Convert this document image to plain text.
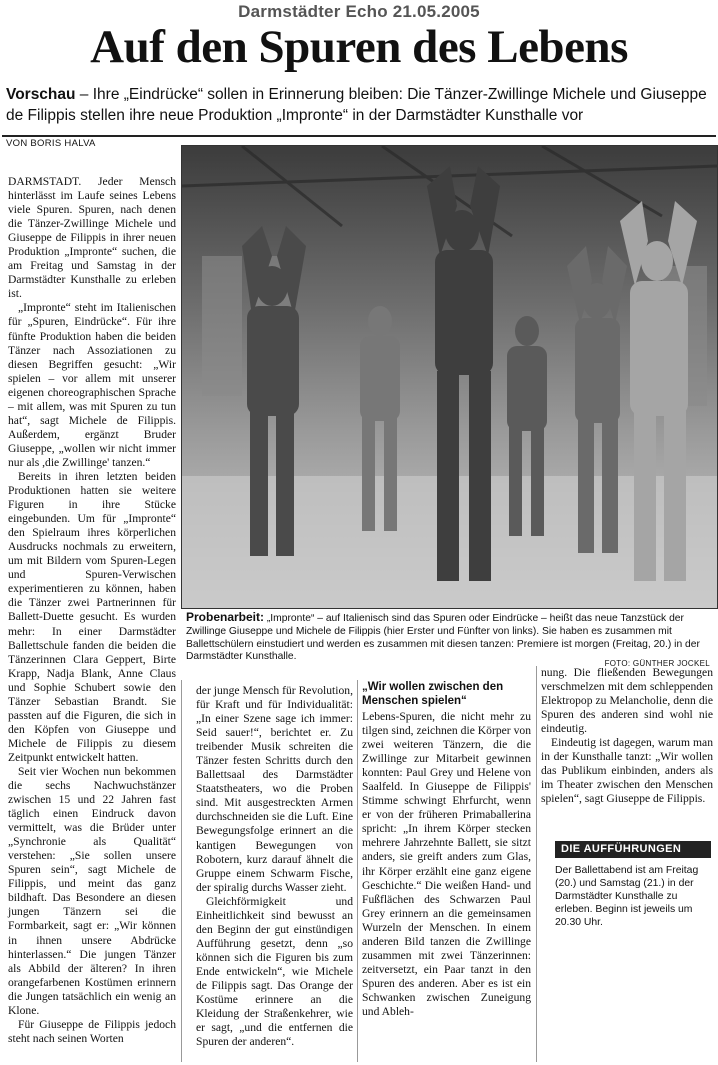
Darmstädter Echo 21.05.2005
Auf den Spuren des Lebens
Vorschau – Ihre „Eindrücke“ sollen in Erinnerung bleiben: Die Tänzer-Zwillinge Michele und Giuseppe de Filippis stellen ihre neue Produktion „Impronte“ in der Darmstädter Kunsthalle vor
VON BORIS HALVA

DARMSTADT. Jeder Mensch hinterlässt im Laufe seines Lebens viele Spuren. Spuren, nach denen die Tänzer-Zwillinge Michele und Giuseppe de Filippis in ihrer neuen Produktion „Impronte“ suchen, die am Freitag und Samstag in der Darmstädter Kunsthalle zu erleben ist.

„Impronte“ steht im Italienischen für „Spuren, Eindrücke“. Für ihre fünfte Produktion haben die beiden Tänzer nach Assoziationen zu diesen Begriffen gesucht: „Wir spielen – vor allem mit unserer eigenen choreographischen Sprache – mit allem, was mit Spuren zu tun hat“, sagt Michele de Filippis. Außerdem, ergänzt Bruder Giuseppe, „wollen wir nicht immer nur als ,die Zwillinge' tanzen.“

Bereits in ihren letzten beiden Produktionen hatten sie weitere Figuren in ihre Stücke eingebunden. Um für „Impronte“ den Spielraum ihres körperlichen Ausdrucks nochmals zu erweitern, um mit Bildern vom Spuren-Legen und Spuren-Verwischen experimentieren zu können, haben die Tänzer zwei Partnerinnen für Ballett-Duette gesucht. Es wurden mehr: In einer Darmstädter Ballettschule fanden die beiden die Tänzerinnen Clara Geppert, Birte Krapp, Nadja Blank, Anne Claus und Sophie Schubert sowie den Tänzer Sebastian Brandt. Sie passten auf die Figuren, die sich in den Köpfen von Giuseppe und Michele de Filippis zu diesem Zeitpunkt entwickelt hatten.

Seit vier Wochen nun bekommen die sechs Nachwuchstänzer zwischen 15 und 22 Jahren fast täglich einen Eindruck davon vermittelt, was die Brüder unter „Synchronie als Qualität“ verstehen: „Sie sollen unsere Spuren sein“, sagt Michele de Filippis, und meint das ganz bildhaft. Das Besondere an diesen jungen Tänzern sei die Formbarkeit, sagt er: „Wir können in ihnen unsere Abdrücke hinterlassen.“ Die jungen Tänzer als Abbild der älteren? In ihren orangefarbenen Kostümen erinnern die Jungen tatsächlich ein wenig an Klone.

Für Giuseppe de Filippis jedoch steht nach seinen Worten

Probenarbeit: „Impronte“ – auf Italienisch sind das Spuren oder Eindrücke – heißt das neue Tanzstück der Zwillinge Giuseppe und Michele de Filippis (hier Erster und Fünfter von links). Sie haben es zusammen mit Ballettschülern einstudiert und werden es zusammen mit diesen tanzen: Premiere ist morgen (Freitag, 20.) in der Darmstädter Kunsthalle.
FOTO: GÜNTHER JOCKEL

der junge Mensch für Revolution, für Kraft und für Individualität: „In einer Szene sage ich immer: Seid sauer!“, berichtet er. Zu treibender Musik schreiten die Tänzer festen Schritts durch den Ballettsaal des Darmstädter Staatstheaters, wo die Proben sind. Mit ausgestreckten Armen durchschneiden sie die Luft. Eine Bewegungsfolge erinnert an die kantigen Bewegungen von Robotern, kurz darauf ähnelt die Gruppe einem Schwarm Fische, der spiralig durchs Wasser zieht.

Gleichförmigkeit und Einheitlichkeit sind bewusst an den Beginn der gut einstündigen Aufführung gesetzt, denn „so können sich die Figuren bis zum Ende entwickeln“, wie Michele de Filippis sagt. Das Orange der Kostüme erinnere an die Kleidung der Straßenkehrer, wie er sagt, „und die entfernen die Spuren der anderen“.

„Wir wollen zwischen den Menschen spielen“

Lebens-Spuren, die nicht mehr zu tilgen sind, zeichnen die Körper von zwei weiteren Tänzern, die die Zwillinge zur Mitarbeit gewinnen konnten: Paul Grey und Helene von Saalfeld. In Giuseppe de Filippis' Stimme schwingt Ehrfurcht, wenn er von der früheren Primaballerina spricht: „In ihrem Körper stecken mehrere Jahrzehnte Ballett, sie sitzt anders, sie greift anders zum Glas, ihr Körper erzählt eine ganz eigene Geschichte.“ Die weißen Hand- und Fußflächen des Schwarzen Paul Grey erinnern an die gemeinsamen Wurzeln der Menschen. In einem anderen Bild tanzen die Zwillinge zusammen mit zwei Tänzerinnen: zeitversetzt, ein Paar tanzt in den Spuren des anderen. Aber es ist ein Schwanken zwischen Zuneigung und Ableh-

nung. Die fließenden Bewegungen verschmelzen mit dem schleppenden Elektropop zu Melancholie, denn die Spuren des anderen sind wohl nie eindeutig.

Eindeutig ist dagegen, warum man in der Kunsthalle tanzt: „Wir wollen das Publikum einbinden, anders als im Theater zwischen den Menschen spielen“, sagt Giuseppe de Filippis.

DIE AUFFÜHRUNGEN
Der Ballettabend ist am Freitag (20.) und Samstag (21.) in der Darmstädter Kunsthalle zu erleben. Beginn ist jeweils um 20.30 Uhr.
